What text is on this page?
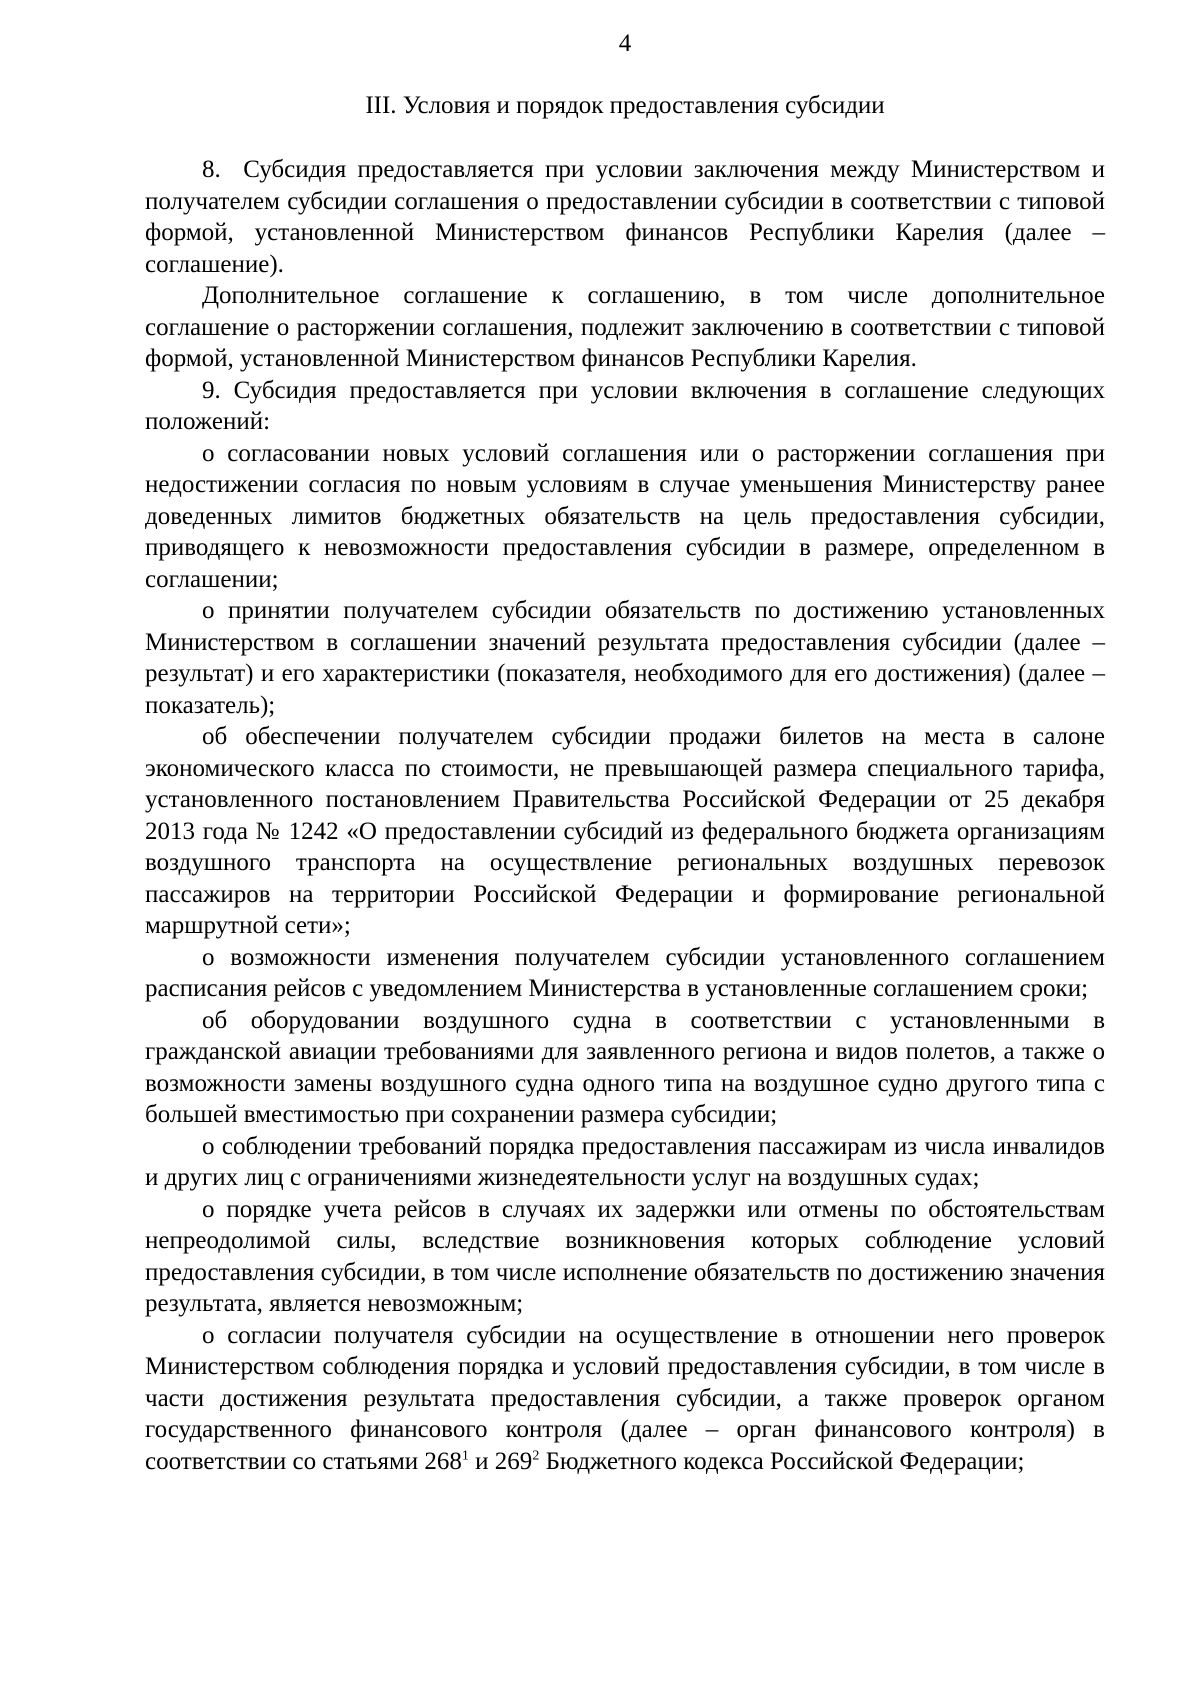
4
III. Условия и порядок предоставления субсидии

8.  Субсидия предоставляется при условии заключения между Министерством и получателем субсидии соглашения о предоставлении субсидии в соответствии с типовой формой, установленной Министерством финансов Республики Карелия (далее – соглашение).

Дополнительное соглашение к соглашению, в том числе дополнительное соглашение о расторжении соглашения, подлежит заключению в соответствии с типовой формой, установленной Министерством финансов Республики Карелия.

9. Субсидия предоставляется при условии включения в соглашение следующих положений:

о согласовании новых условий соглашения или о расторжении соглашения при недостижении согласия по новым условиям в случае уменьшения Министерству ранее доведенных лимитов бюджетных обязательств на цель предоставления субсидии, приводящего к невозможности предоставления субсидии в размере, определенном в соглашении;

о принятии получателем субсидии обязательств по достижению установленных Министерством в соглашении значений результата предоставления субсидии (далее – результат) и его характеристики (показателя, необходимого для его достижения) (далее – показатель);

об обеспечении получателем субсидии продажи билетов на места в салоне экономического класса по стоимости, не превышающей размера специального тарифа, установленного постановлением Правительства Российской Федерации от 25 декабря 2013 года № 1242 «О предоставлении субсидий из федерального бюджета организациям воздушного транспорта на осуществление региональных воздушных перевозок пассажиров на территории Российской Федерации и формирование региональной маршрутной сети»;

о возможности изменения получателем субсидии установленного соглашением расписания рейсов с уведомлением Министерства в установленные соглашением сроки;

об оборудовании воздушного судна в соответствии с установленными в гражданской авиации требованиями для заявленного региона и видов полетов, а также о возможности замены воздушного судна одного типа на воздушное судно другого типа с большей вместимостью при сохранении размера субсидии;

о соблюдении требований порядка предоставления пассажирам из числа инвалидов и других лиц с ограничениями жизнедеятельности услуг на воздушных судах;

о порядке учета рейсов в случаях их задержки или отмены по обстоятельствам непреодолимой силы, вследствие возникновения которых соблюдение условий предоставления субсидии, в том числе исполнение обязательств по достижению значения результата, является невозможным;

о согласии получателя субсидии на осуществление в отношении него проверок Министерством соблюдения порядка и условий предоставления субсидии, в том числе в части достижения результата предоставления субсидии, а также проверок органом государственного финансового контроля (далее – орган финансового контроля) в соответствии со статьями $268^1$ и $269^2$ Бюджетного кодекса Российской Федерации;
